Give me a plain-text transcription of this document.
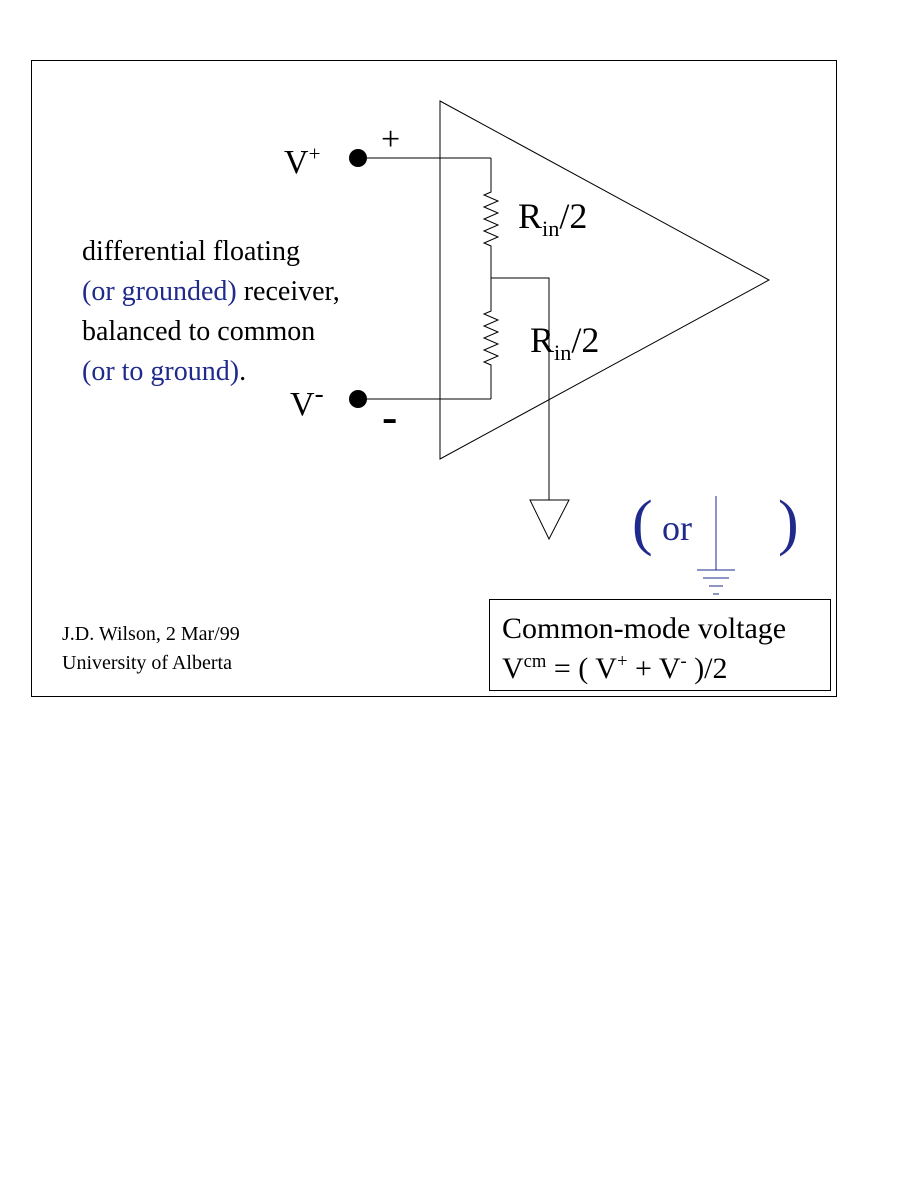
V+ +
V- -
$R_{in}/2$
$R_{in}/2$
differential floating
(or grounded) receiver,
balanced to common
(or to ground).
( or )
J.D. Wilson, 2 Mar/99
University of Alberta
Common-mode voltage
$V^{cm}$ = ( V+ + V- )/2
